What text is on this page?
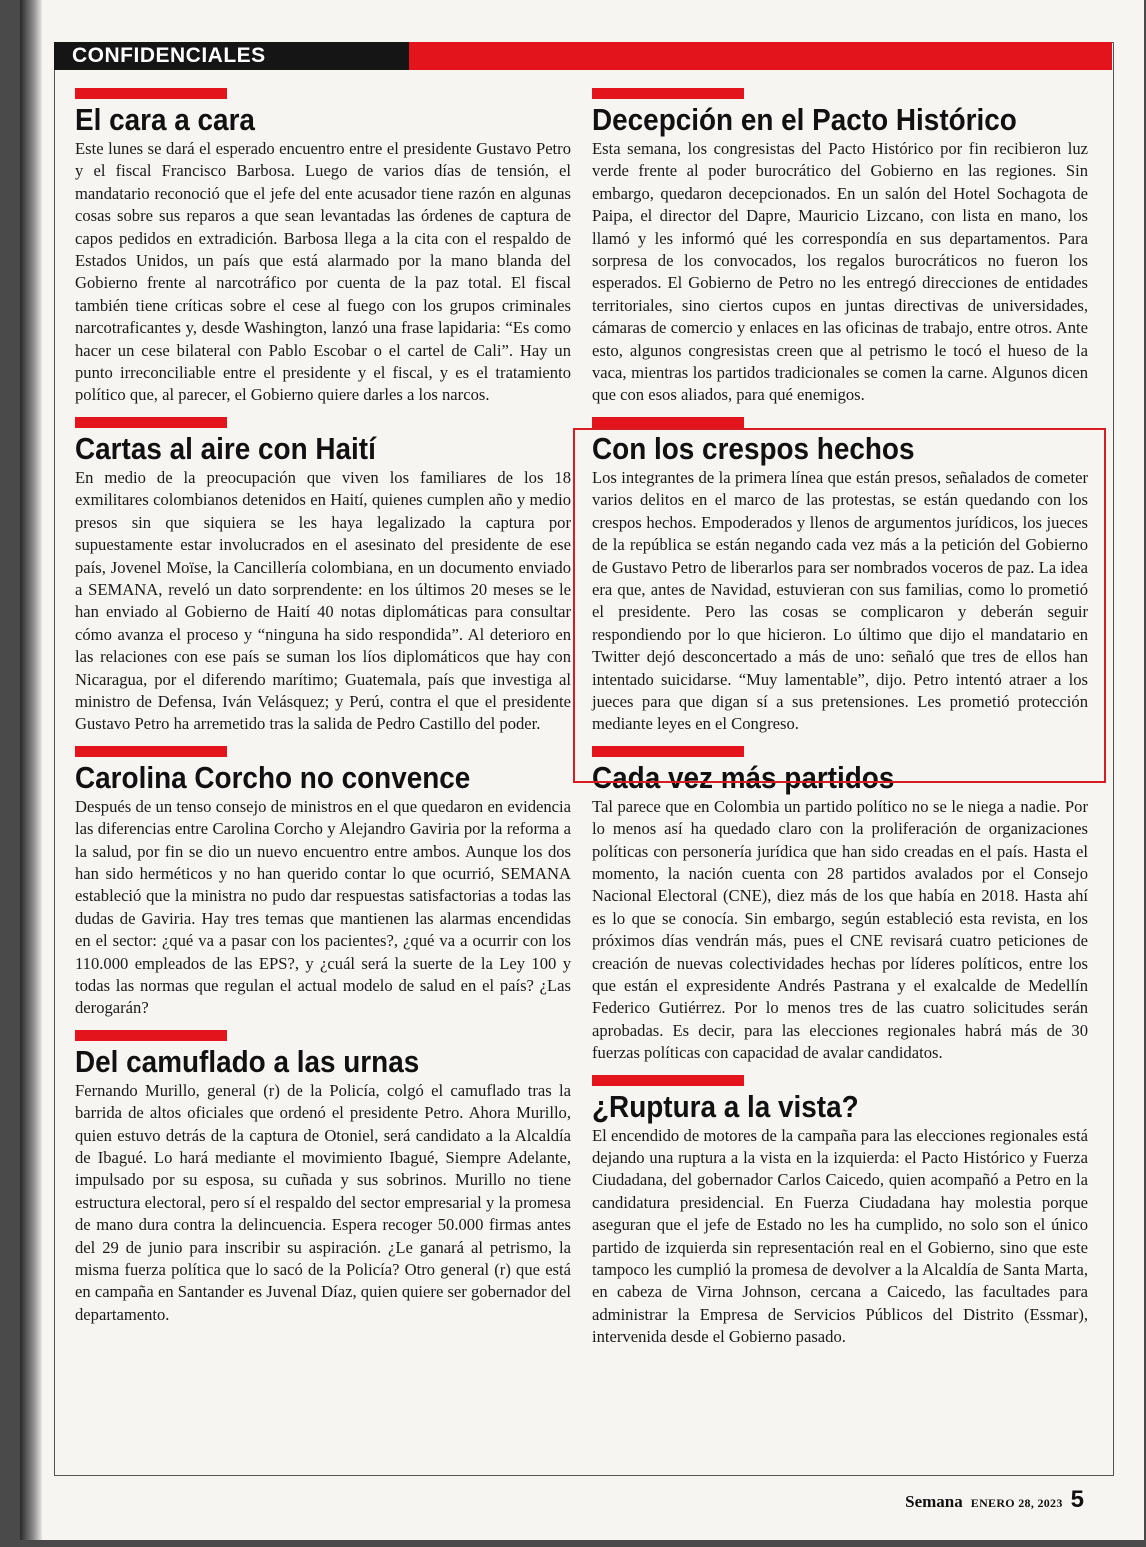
CONFIDENCIALES
El cara a cara

Este lunes se dará el esperado encuentro entre el presidente Gustavo Petro y el fiscal Francisco Barbosa. Luego de varios días de tensión, el mandatario reconoció que el jefe del ente acusador tiene razón en algunas cosas sobre sus reparos a que sean levantadas las órdenes de captura de capos pedidos en extradición. Barbosa llega a la cita con el respaldo de Estados Unidos, un país que está alarmado por la mano blanda del Gobierno frente al narcotráfico por cuenta de la paz total. El fiscal también tiene críticas sobre el cese al fuego con los grupos criminales narcotraficantes y, desde Washington, lanzó una frase lapidaria: “Es como hacer un cese bilateral con Pablo Escobar o el cartel de Cali”. Hay un punto irreconciliable entre el presidente y el fiscal, y es el tratamiento político que, al parecer, el Gobierno quiere darles a los narcos.

Cartas al aire con Haití

En medio de la preocupación que viven los familiares de los 18 exmilitares colombianos detenidos en Haití, quienes cumplen año y medio presos sin que siquiera se les haya legalizado la captura por supuestamente estar involucrados en el asesinato del presidente de ese país, Jovenel Moïse, la Cancillería colombiana, en un documento enviado a SEMANA, reveló un dato sorprendente: en los últimos 20 meses se le han enviado al Gobierno de Haití 40 notas diplomáticas para consultar cómo avanza el proceso y “ninguna ha sido respondida”. Al deterioro en las relaciones con ese país se suman los líos diplomáticos que hay con Nicaragua, por el diferendo marítimo; Guatemala, país que investiga al ministro de Defensa, Iván Velásquez; y Perú, contra el que el presidente Gustavo Petro ha arremetido tras la salida de Pedro Castillo del poder.

Carolina Corcho no convence

Después de un tenso consejo de ministros en el que quedaron en evidencia las diferencias entre Carolina Corcho y Alejandro Gaviria por la reforma a la salud, por fin se dio un nuevo encuentro entre ambos. Aunque los dos han sido herméticos y no han querido contar lo que ocurrió, SEMANA estableció que la ministra no pudo dar respuestas satisfactorias a todas las dudas de Gaviria. Hay tres temas que mantienen las alarmas encendidas en el sector: ¿qué va a pasar con los pacientes?, ¿qué va a ocurrir con los 110.000 empleados de las EPS?, y ¿cuál será la suerte de la Ley 100 y todas las normas que regulan el actual modelo de salud en el país? ¿Las derogarán?

Del camuflado a las urnas

Fernando Murillo, general (r) de la Policía, colgó el camuflado tras la barrida de altos oficiales que ordenó el presidente Petro. Ahora Murillo, quien estuvo detrás de la captura de Otoniel, será candidato a la Alcaldía de Ibagué. Lo hará mediante el movimiento Ibagué, Siempre Adelante, impulsado por su esposa, su cuñada y sus sobrinos. Murillo no tiene estructura electoral, pero sí el respaldo del sector empresarial y la promesa de mano dura contra la delincuencia. Espera recoger 50.000 firmas antes del 29 de junio para inscribir su aspiración. ¿Le ganará al petrismo, la misma fuerza política que lo sacó de la Policía? Otro general (r) que está en campaña en Santander es Juvenal Díaz, quien quiere ser gobernador del departamento.

Decepción en el Pacto Histórico

Esta semana, los congresistas del Pacto Histórico por fin recibieron luz verde frente al poder burocrático del Gobierno en las regiones. Sin embargo, quedaron decepcionados. En un salón del Hotel Sochagota de Paipa, el director del Dapre, Mauricio Lizcano, con lista en mano, los llamó y les informó qué les correspondía en sus departamentos. Para sorpresa de los convocados, los regalos burocráticos no fueron los esperados. El Gobierno de Petro no les entregó direcciones de entidades territoriales, sino ciertos cupos en juntas directivas de universidades, cámaras de comercio y enlaces en las oficinas de trabajo, entre otros. Ante esto, algunos congresistas creen que al petrismo le tocó el hueso de la vaca, mientras los partidos tradicionales se comen la carne. Algunos dicen que con esos aliados, para qué enemigos.

Con los crespos hechos

Los integrantes de la primera línea que están presos, señalados de cometer varios delitos en el marco de las protestas, se están quedando con los crespos hechos. Empoderados y llenos de argumentos jurídicos, los jueces de la república se están negando cada vez más a la petición del Gobierno de Gustavo Petro de liberarlos para ser nombrados voceros de paz. La idea era que, antes de Navidad, estuvieran con sus familias, como lo prometió el presidente. Pero las cosas se complicaron y deberán seguir respondiendo por lo que hicieron. Lo último que dijo el mandatario en Twitter dejó desconcertado a más de uno: señaló que tres de ellos han intentado suicidarse. “Muy lamentable”, dijo. Petro intentó atraer a los jueces para que digan sí a sus pretensiones. Les prometió protección mediante leyes en el Congreso.

Cada vez más partidos

Tal parece que en Colombia un partido político no se le niega a nadie. Por lo menos así ha quedado claro con la proliferación de organizaciones políticas con personería jurídica que han sido creadas en el país. Hasta el momento, la nación cuenta con 28 partidos avalados por el Consejo Nacional Electoral (CNE), diez más de los que había en 2018. Hasta ahí es lo que se conocía. Sin embargo, según estableció esta revista, en los próximos días vendrán más, pues el CNE revisará cuatro peticiones de creación de nuevas colectividades hechas por líderes políticos, entre los que están el expresidente Andrés Pastrana y el exalcalde de Medellín Federico Gutiérrez. Por lo menos tres de las cuatro solicitudes serán aprobadas. Es decir, para las elecciones regionales habrá más de 30 fuerzas políticas con capacidad de avalar candidatos.

¿Ruptura a la vista?

El encendido de motores de la campaña para las elecciones regionales está dejando una ruptura a la vista en la izquierda: el Pacto Histórico y Fuerza Ciudadana, del gobernador Carlos Caicedo, quien acompañó a Petro en la candidatura presidencial. En Fuerza Ciudadana hay molestia porque aseguran que el jefe de Estado no les ha cumplido, no solo son el único partido de izquierda sin representación real en el Gobierno, sino que este tampoco les cumplió la promesa de devolver a la Alcaldía de Santa Marta, en cabeza de Virna Johnson, cercana a Caicedo, las facultades para administrar la Empresa de Servicios Públicos del Distrito (Essmar), intervenida desde el Gobierno pasado.

Semana ENERO 28, 2023 5
